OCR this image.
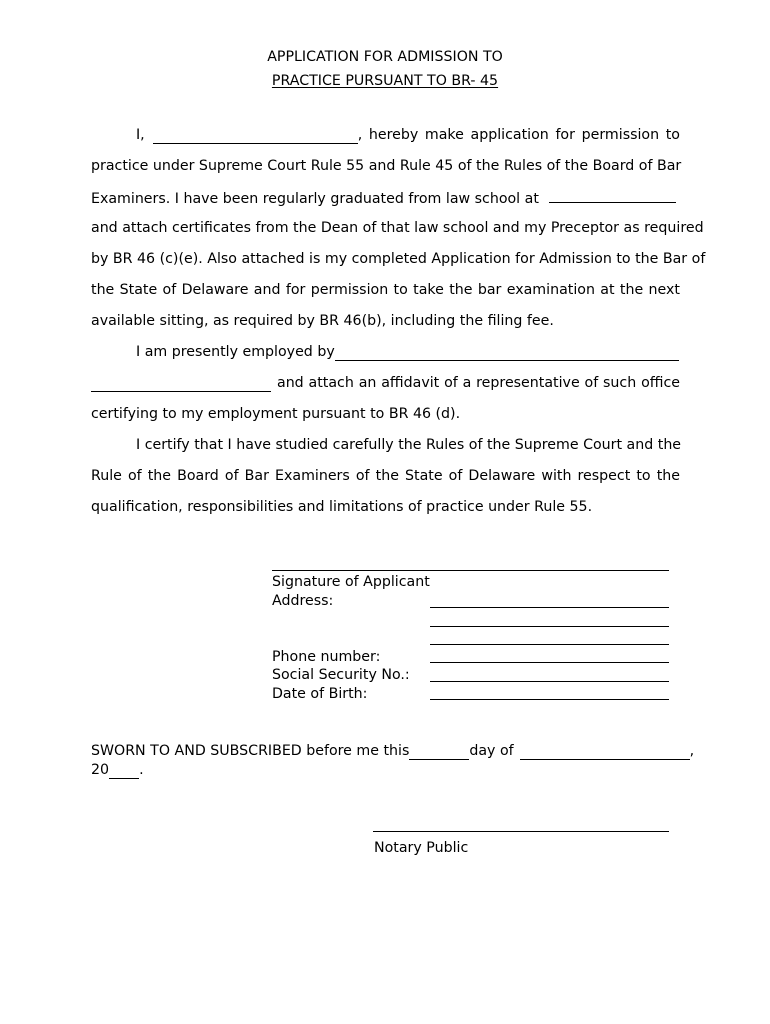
APPLICATION FOR ADMISSION TO
PRACTICE PURSUANT TO BR- 45
I,	, hereby make application for permission to
practice under Supreme Court Rule 55 and Rule 45 of the Rules of the Board of Bar
Examiners. I have been regularly graduated from law school at
and attach certificates from the Dean of that law school and my Preceptor as required
by BR 46 (c)(e). Also attached is my completed Application for Admission to the Bar of
the State of Delaware and for permission to take the bar examination at the next
available sitting, as required by BR 46(b), including the filing fee.
I am presently employed by
and attach an affidavit of a representative of such office
certifying to my employment pursuant to BR 46 (d).
I certify that I have studied carefully the Rules of the Supreme Court and the
Rule of the Board of Bar Examiners of the State of Delaware with respect to the
qualification, responsibilities and limitations of practice under Rule 55.
Signature of Applicant
Address:
Phone number:
Social Security No.:
Date of Birth:
SWORN TO AND SUBSCRIBED before me this	day of	,
20 .
Notary Public
